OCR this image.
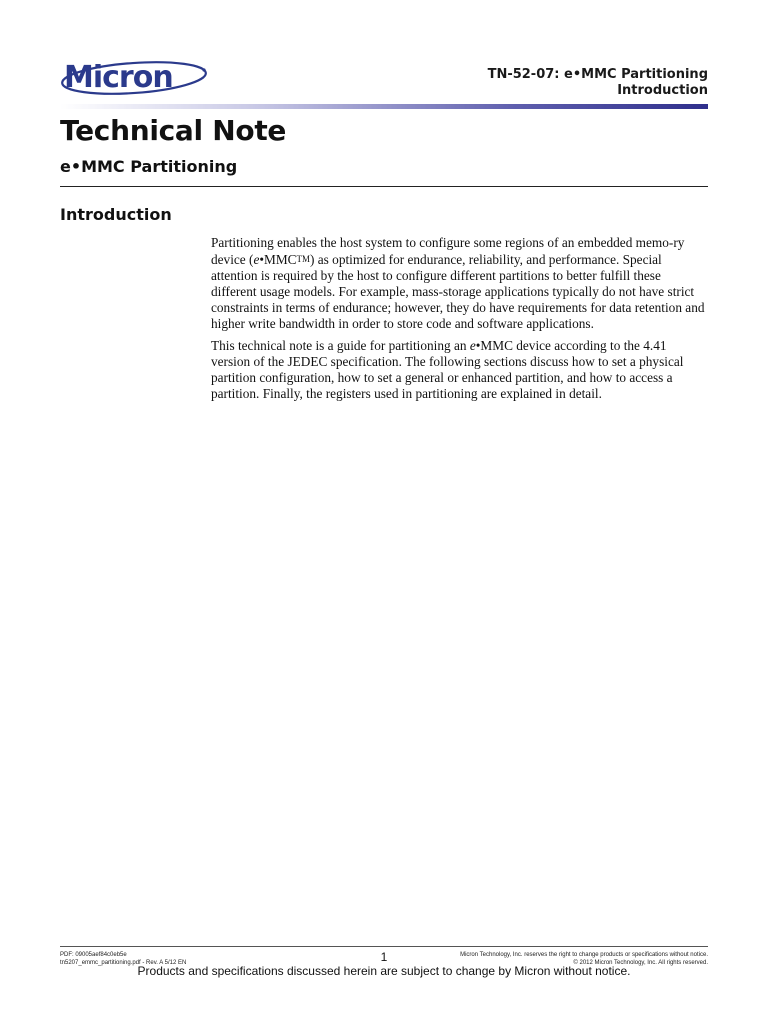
Micron	TN-52-07: e•MMC Partitioning
Introduction
Technical Note
e•MMC Partitioning
Introduction

Partitioning enables the host system to configure some regions of an embedded memo-ry device (e•MMCTM) as optimized for endurance, reliability, and performance. Special attention is required by the host to configure different partitions to better fulfill these different usage models. For example, mass-storage applications typically do not have strict constraints in terms of endurance; however, they do have requirements for data retention and higher write bandwidth in order to store code and software applications.

This technical note is a guide for partitioning an e•MMC device according to the 4.41 version of the JEDEC specification. The following sections discuss how to set a physical partition configuration, how to set a general or enhanced partition, and how to access a partition. Finally, the registers used in partitioning are explained in detail.

PDF: 09005aef84c0eb5e
tn5207_emmc_partitioning.pdf - Rev. A 5/12 EN	1	Micron Technology, Inc. reserves the right to change products or specifications without notice.
© 2012 Micron Technology, Inc. All rights reserved.
Products and specifications discussed herein are subject to change by Micron without notice.
